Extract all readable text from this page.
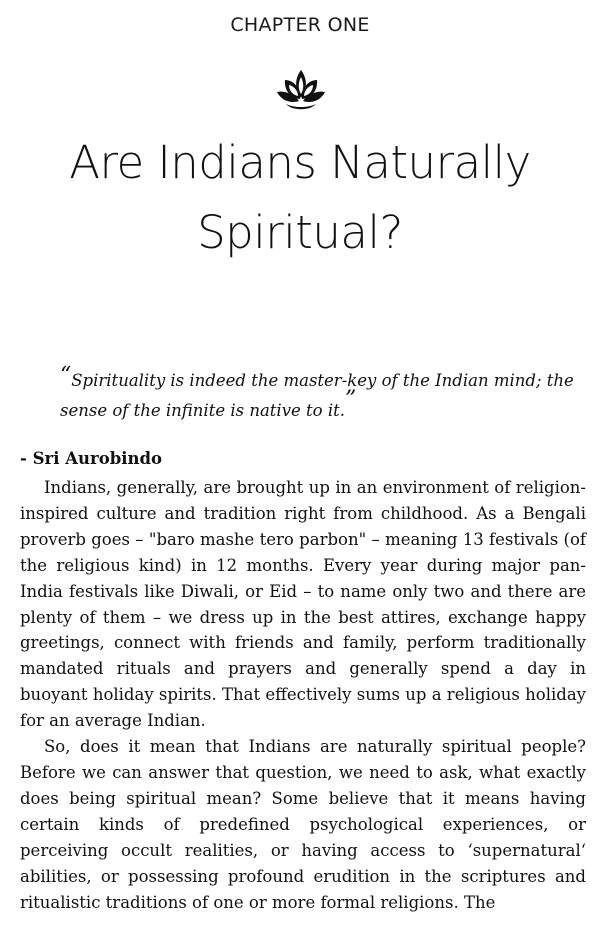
CHAPTER ONE
Are Indians Naturally
Spiritual?
“Spirituality is indeed the master-key of the Indian mind; the sense of the infinite is native to it.”
- Sri Aurobindo

Indians, generally, are brought up in an environment of religion-inspired culture and tradition right from childhood. As a Bengali proverb goes – "baro mashe tero parbon" – meaning 13 festivals (of the religious kind) in 12 months. Every year during major pan-India festivals like Diwali, or Eid – to name only two and there are plenty of them – we dress up in the best attires, exchange happy greetings, connect with friends and family, perform traditionally mandated rituals and prayers and generally spend a day in buoyant holiday spirits. That effectively sums up a religious holiday for an average Indian.

So, does it mean that Indians are naturally spiritual people? Before we can answer that question, we need to ask, what exactly does being spiritual mean? Some believe that it means having certain kinds of predefined psychological experiences, or perceiving occult realities, or having access to ‘supernatural‘ abilities, or possessing profound erudition in the scriptures and ritualistic traditions of one or more formal religions. The
